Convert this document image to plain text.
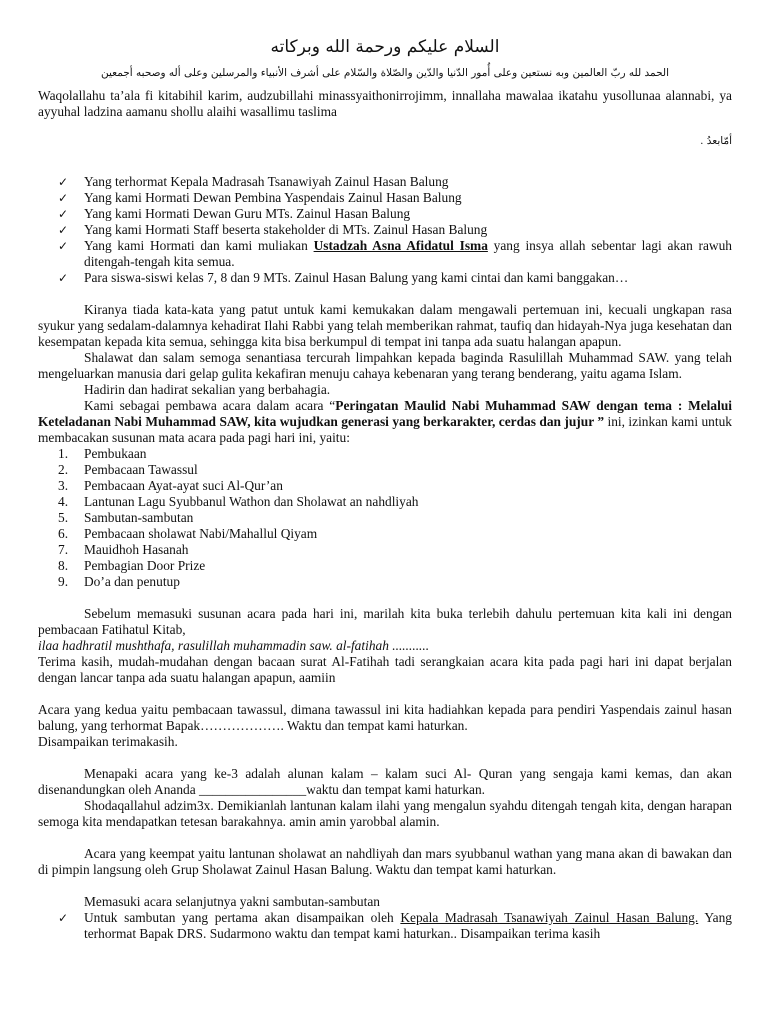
السلام عليكم ورحمة الله وبركاته
الحمد لله ربّ العالمين وبه نستعين وعلى أُمور الدّنيا والدّين والصّلاة والسّلام على أشرف الأنبياء والمرسلين وعلى أله وصحبه أجمعين

Waqolallahu ta’ala fi kitabihil karim, audzubillahi minassyaithonirrojimm, innallaha mawalaa ikatahu yusollunaa alannabi, ya ayyuhal ladzina aamanu shollu alaihi wasallimu taslima

أمّابعدُ .
✓ Yang terhormat Kepala Madrasah Tsanawiyah Zainul Hasan Balung
✓ Yang kami Hormati Dewan Pembina Yaspendais Zainul Hasan Balung
✓ Yang kami Hormati Dewan Guru MTs. Zainul Hasan Balung
✓ Yang kami Hormati Staff beserta stakeholder di MTs. Zainul Hasan Balung
✓ Yang kami Hormati dan kami muliakan Ustadzah Asna Afidatul Isma yang insya allah sebentar lagi akan rawuh ditengah-tengah kita semua.
✓ Para siswa-siswi kelas 7, 8 dan 9 MTs. Zainul Hasan Balung yang kami cintai dan kami banggakan…

Kiranya tiada kata-kata yang patut untuk kami kemukakan dalam mengawali pertemuan ini, kecuali ungkapan rasa syukur yang sedalam-dalamnya kehadirat Ilahi Rabbi yang telah memberikan rahmat, taufiq dan hidayah-Nya juga kesehatan dan kesempatan kepada kita semua, sehingga kita bisa berkumpul di tempat ini tanpa ada suatu halangan apapun.

Shalawat dan salam semoga senantiasa tercurah limpahkan kepada baginda Rasulillah Muhammad SAW. yang telah mengeluarkan manusia dari gelap gulita kekafiran menuju cahaya kebenaran yang terang benderang, yaitu agama Islam.

Hadirin dan hadirat sekalian yang berbahagia.

Kami sebagai pembawa acara dalam acara “Peringatan Maulid Nabi Muhammad SAW dengan tema : Melalui Keteladanan Nabi Muhammad SAW, kita wujudkan generasi yang berkarakter, cerdas dan jujur ” ini, izinkan kami untuk membacakan susunan mata acara pada pagi hari ini, yaitu:

1. Pembukaan
2. Pembacaan Tawassul
3. Pembacaan Ayat-ayat suci Al-Qur’an
4. Lantunan Lagu Syubbanul Wathon dan Sholawat an nahdliyah
5. Sambutan-sambutan
6. Pembacaan sholawat Nabi/Mahallul Qiyam
7. Mauidhoh Hasanah
8. Pembagian Door Prize
9. Do’a dan penutup

Sebelum memasuki susunan acara pada hari ini, marilah kita buka terlebih dahulu pertemuan kita kali ini dengan pembacaan Fatihatul Kitab,

ilaa hadhratil mushthafa, rasulillah muhammadin saw. al-fatihah ...........

Terima kasih, mudah-mudahan dengan bacaan surat Al-Fatihah tadi serangkaian acara kita pada pagi hari ini dapat berjalan dengan lancar tanpa ada suatu halangan apapun, aamiin

Acara yang kedua yaitu pembacaan tawassul, dimana tawassul ini kita hadiahkan kepada para pendiri Yaspendais zainul hasan balung, yang terhormat Bapak………………. Waktu dan tempat kami haturkan.

Disampaikan terimakasih.

Menapaki acara yang ke-3 adalah alunan kalam – kalam suci Al- Quran yang sengaja kami kemas, dan akan disenandungkan oleh Ananda ________________waktu dan tempat kami haturkan.

Shodaqallahul adzim3x. Demikianlah lantunan kalam ilahi yang mengalun syahdu ditengah tengah kita, dengan harapan semoga kita mendapatkan tetesan barakahnya. amin amin yarobbal alamin.

Acara yang keempat yaitu lantunan sholawat an nahdliyah dan mars syubbanul wathan yang mana akan di bawakan dan di pimpin langsung oleh Grup Sholawat Zainul Hasan Balung. Waktu dan tempat kami haturkan.

Memasuki acara selanjutnya yakni sambutan-sambutan

✓ Untuk sambutan yang pertama akan disampaikan oleh Kepala Madrasah Tsanawiyah Zainul Hasan Balung. Yang terhormat Bapak DRS. Sudarmono waktu dan tempat kami haturkan.. Disampaikan terima kasih
